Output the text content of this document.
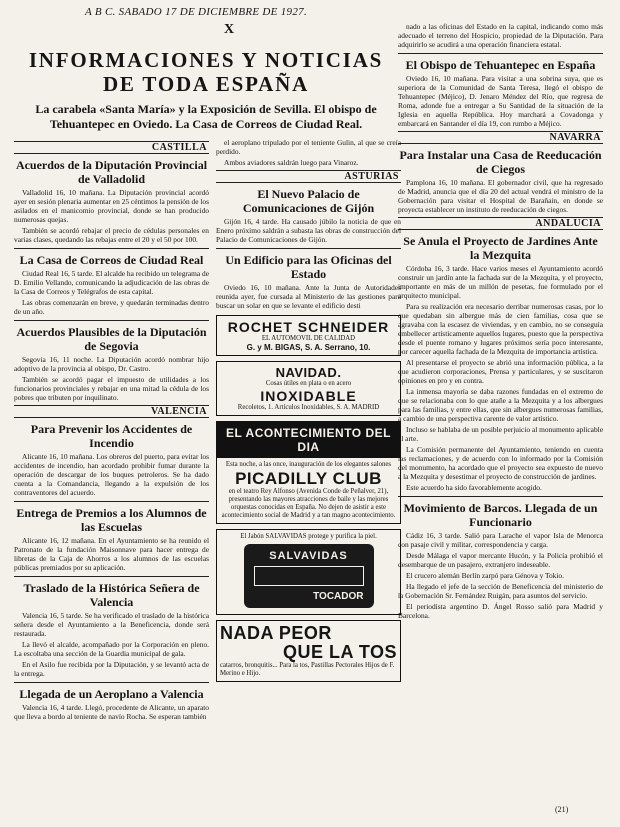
A B C. SABADO 17 DE DICIEMBRE DE 1927.
X
INFORMACIONES Y NOTICIAS
DE TODA ESPAÑA
La carabela «Santa María» y la Exposición de Sevilla. El obispo de Tehuantepec en Oviedo. La Casa de Correos de Ciudad Real.
CASTILLA
Acuerdos de la Diputación Provincial de Valladolid

Valladolid 16, 10 mañana. La Diputación provincial acordó ayer en sesión plenaria aumentar en 25 céntimos la pensión de los asilados en el manicomio provincial, donde se han producido numerosas quejas.

También se acordó rebajar el precio de cédulas personales en varias clases, quedando las rebajas entre el 20 y el 50 por 100.

La Casa de Correos de Ciudad Real

Ciudad Real 16, 5 tarde. El alcalde ha recibido un telegrama de D. Emilio Vellando, comunicando la adjudicación de las obras de la Casa de Correos y Telégrafos de esta capital.

Las obras comenzarán en breve, y quedarán terminadas dentro de un año.

Acuerdos Plausibles de la Diputación de Segovia

Segovia 16, 11 noche. La Diputación acordó nombrar hijo adoptivo de la provincia al obispo, Dr. Castro.

También se acordó pagar el impuesto de utilidades a los funcionarios provinciales y rebajar en una mitad la cédula de los pobres que tributen por inquilinato.

VALENCIA
Para Prevenir los Accidentes de Incendio

Alicante 16, 10 mañana. Los obreros del puerto, para evitar los accidentes de incendio, han acordado prohibir fumar durante la operación de descargar de los buques petroleros. Se ha dado cuenta a la Comandancia, llegando a la expulsión de los contraventores del acuerdo.

Entrega de Premios a los Alumnos de las Escuelas

Alicante 16, 12 mañana. En el Ayuntamiento se ha reunido el Patronato de la fundación Maisonnave para hacer entrega de libretas de la Caja de Ahorros a los alumnos de las escuelas públicas premiados por su aplicación.

Traslado de la Histórica Señera de Valencia

Valencia 16, 5 tarde. Se ha verificado el traslado de la histórica señera desde el Ayuntamiento a la Beneficencia, donde será restaurada.

La llevó el alcalde, acompañado por la Corporación en pleno. La escoltaba una sección de la Guardia municipal de gala.

En el Asilo fue recibida por la Diputación, y se levantó acta de la entrega.

Llegada de un Aeroplano a Valencia

Valencia 16, 4 tarde. Llegó, procedente de Alicante, un aparato que lleva a bordo al teniente de navío Rocha. Se esperan también

el aeroplano tripulado por el teniente Gulin, al que se creía perdido.

Ambos aviadores saldrán luego para Vinaroz.

ASTURIAS
El Nuevo Palacio de Comunicaciones de Gijón

Gijón 16, 4 tarde. Ha causado júbilo la noticia de que en Enero próximo saldrán a subasta las obras de construcción del Palacio de Comunicaciones de Gijón.

Un Edificio para las Oficinas del Estado

Oviedo 16, 10 mañana. Ante la Junta de Autoridades reunida ayer, fue cursada al Ministerio de las gestiones para buscar un solar en que se levante el edificio desti

ROCHET SCHNEIDER
EL AUTOMOVIL DE CALIDAD
G. y M. BIGAS, S. A. Serrano, 10.
NAVIDAD.
Cosas útiles en plata o en acero
INOXIDABLE
Recoletos, 1. Artículos Inoxidables, S. A. MADRID
EL ACONTECIMIENTO DEL DIA
Esta noche, a las once, inauguración de los elegantes salones
PICADILLY CLUB
en el teatro Rey Alfonso (Avenida Conde de Peñalver, 21), presentando las mayores atracciones de baile y las mejores orquestas conocidas en España. No dejen de asistir a este acontecimiento social de Madrid y a tan magno acontecimiento.
El Jabón SALVAVIDAS protege y purifica la piel.
SALVAVIDAS
TOCADOR
NADA PEOR
QUE LA TOS
catarros, bronquitis... Para la tos, Pastillas Pectorales Hijos de F. Merino e Hijo.

nado a las oficinas del Estado en la capital, indicando como más adecuado el terreno del Hospicio, propiedad de la Diputación. Para adquirirlo se acudirá a una operación financiera estatal.

El Obispo de Tehuantepec en España

Oviedo 16, 10 mañana. Para visitar a una sobrina suya, que es superiora de la Comunidad de Santa Teresa, llegó el obispo de Tehuantepec (Méjico), D. Jenaro Méndez del Río, que regresa de Roma, adonde fue a entregar a Su Santidad de la situación de la Iglesia en aquella República. Hoy marchará a Covadonga y embarcará en Santander el día 19, con rumbo a Méjico.

NAVARRA
Para Instalar una Casa de Reeducación de Ciegos

Pamplona 16, 10 mañana. El gobernador civil, que ha regresado de Madrid, anuncia que el día 20 del actual vendrá el ministro de la Gobernación para visitar el Hospital de Barañain, en donde se proyecta establecer un instituto de reeducación de ciegos.

ANDALUCIA
Se Anula el Proyecto de Jardines Ante la Mezquita

Córdoba 16, 3 tarde. Hace varios meses el Ayuntamiento acordó construir un jardín ante la fachada sur de la Mezquita, y el proyecto, importante en más de un millón de pesetas, fue formulado por el arquitecto municipal.

Para su realización era necesario derribar numerosas casas, por lo que quedaban sin albergue más de cien familias, cosa que se agravaba con la escasez de viviendas, y en cambio, no se conseguía embellecer artísticamente aquellos lugares, puesto que la perspectiva desde el puente romano y lugares próximos sería poco interesante, por carecer aquella fachada de la Mezquita de importancia artística.

Al presentarse el proyecto se abrió una información pública, a la que acudieron corporaciones, Prensa y particulares, y se suscitaron opiniones en pro y en contra.

La inmensa mayoría se daba razones fundadas en el extremo de que se relacionaba con lo que atañe a la Mezquita y a los albergues para las familias, y entre ellas, que sin albergues numerosas familias, a cambio de una perspectiva carente de valor artístico.

Incluso se hablaba de un posible perjuicio al monumento aplicable al arte.

La Comisión permanente del Ayuntamiento, teniendo en cuenta las reclamaciones, y de acuerdo con lo informado por la Comisión del monumento, ha acordado que el proyecto sea expuesto de nuevo a la Mezquita y desestimar el proyecto de construcción de jardines.

Este acuerdo ha sido favorablemente acogido.

Movimiento de Barcos. Llegada de un Funcionario

Cádiz 16, 3 tarde. Salió para Larache el vapor Isla de Menorca con pasaje civil y militar, correspondencia y carga.

Desde Málaga el vapor mercante Hucón, y la Policía prohibió el desembarque de un pasajero, extranjero indeseable.

El crucero alemán Berlín zarpó para Génova y Tokio.

Ha llegado el jefe de la sección de Beneficencia del ministerio de la Gobernación Sr. Fernández Ruigán, para asuntos del servicio.

El periodista argentino D. Ángel Rosso salió para Madrid y Barcelona.

(21)
